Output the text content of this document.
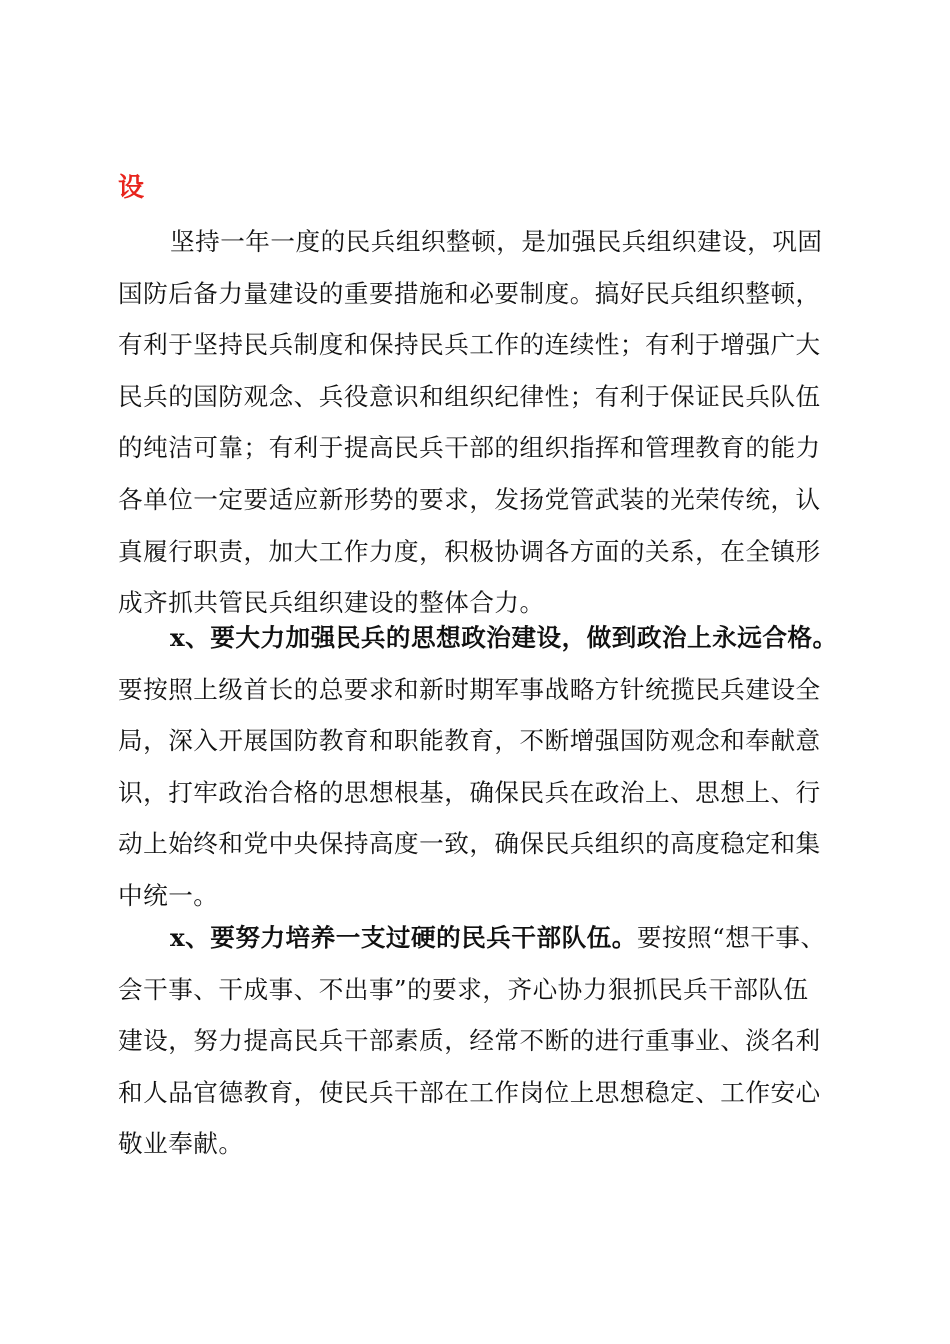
设
坚持一年一度的民兵组织整顿，是加强民兵组织建设，巩固
国防后备力量建设的重要措施和必要制度。搞好民兵组织整顿，
有利于坚持民兵制度和保持民兵工作的连续性；有利于增强广大
民兵的国防观念、兵役意识和组织纪律性；有利于保证民兵队伍
的纯洁可靠；有利于提高民兵干部的组织指挥和管理教育的能力
各单位一定要适应新形势的要求，发扬党管武装的光荣传统，认
真履行职责，加大工作力度，积极协调各方面的关系，在全镇形
成齐抓共管民兵组织建设的整体合力。
x、要大力加强民兵的思想政治建设，做到政治上永远合格。
要按照上级首长的总要求和新时期军事战略方针统揽民兵建设全
局，深入开展国防教育和职能教育，不断增强国防观念和奉献意
识，打牢政治合格的思想根基，确保民兵在政治上、思想上、行
动上始终和党中央保持高度一致，确保民兵组织的高度稳定和集
中统一。
x、要努力培养一支过硬的民兵干部队伍。要按照“想干事、
会干事、干成事、不出事”的要求，齐心协力狠抓民兵干部队伍
建设，努力提高民兵干部素质，经常不断的进行重事业、淡名利
和人品官德教育，使民兵干部在工作岗位上思想稳定、工作安心
敬业奉献。
